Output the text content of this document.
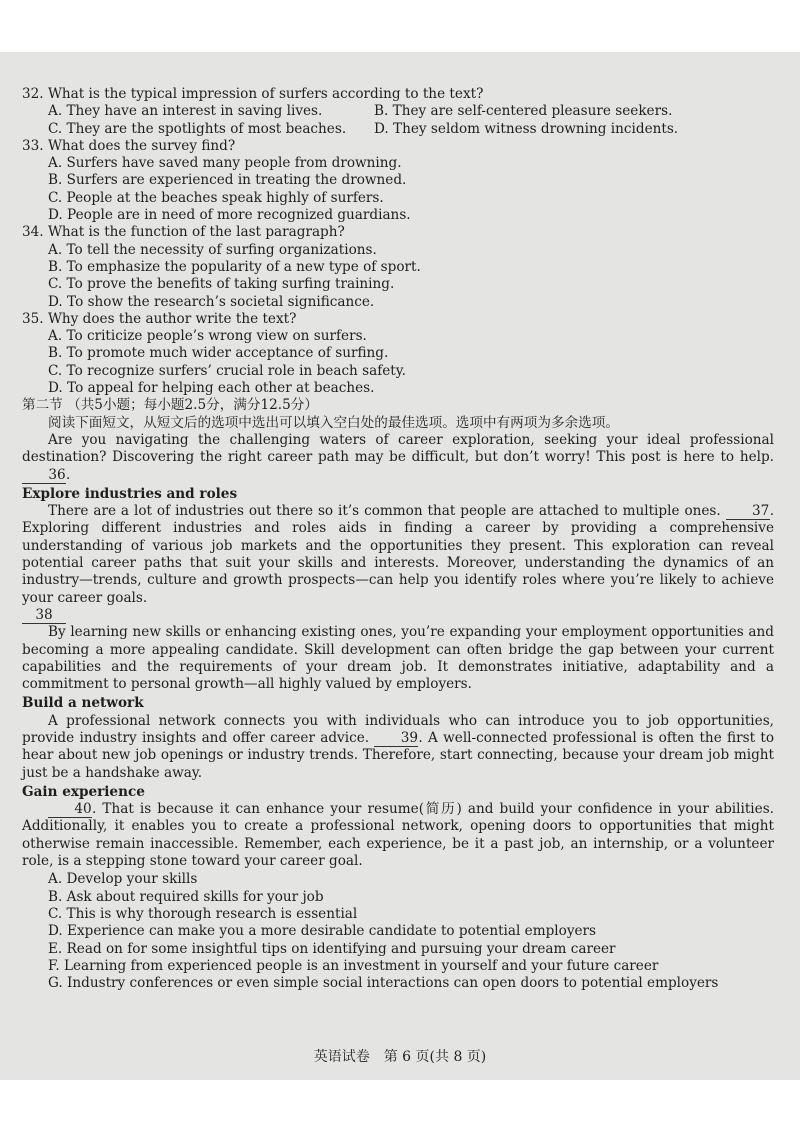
32. What is the typical impression of surfers according to the text?

A. They have an interest in saving lives.	B. They are self-centered pleasure seekers.
C. They are the spotlights of most beaches.	D. They seldom witness drowning incidents.

33. What does the survey find?

A. Surfers have saved many people from drowning.

B. Surfers are experienced in treating the drowned.

C. People at the beaches speak highly of surfers.

D. People are in need of more recognized guardians.

34. What is the function of the last paragraph?

A. To tell the necessity of surfing organizations.

B. To emphasize the popularity of a new type of sport.

C. To prove the benefits of taking surfing training.

D. To show the research’s societal significance.

35. Why does the author write the text?

A. To criticize people’s wrong view on surfers.

B. To promote much wider acceptance of surfing.

C. To recognize surfers’ crucial role in beach safety.

D. To appeal for helping each other at beaches.

第二节 （共5小题；每小题2.5分，满分12.5分）

阅读下面短文，从短文后的选项中选出可以填入空白处的最佳选项。选项中有两项为多余选项。

Are you navigating the challenging waters of career exploration, seeking your ideal professional destination? Discovering the right career path may be difficult, but don’t worry! This post is here to help. 36.

Explore industries and roles

There are a lot of industries out there so it’s common that people are attached to multiple ones. 37. Exploring different industries and roles aids in finding a career by providing a comprehensive understanding of various job markets and the opportunities they present. This exploration can reveal potential career paths that suit your skills and interests. Moreover, understanding the dynamics of an industry—trends, culture and growth prospects—can help you identify roles where you’re likely to achieve your career goals.

38

By learning new skills or enhancing existing ones, you’re expanding your employment opportunities and becoming a more appealing candidate. Skill development can often bridge the gap between your current capabilities and the requirements of your dream job. It demonstrates initiative, adaptability and a commitment to personal growth—all highly valued by employers.

Build a network

A professional network connects you with individuals who can introduce you to job opportunities, provide industry insights and offer career advice. 39. A well-connected professional is often the first to hear about new job openings or industry trends. Therefore, start connecting, because your dream job might just be a handshake away.

Gain experience

40. That is because it can enhance your resume(简历) and build your confidence in your abilities. Additionally, it enables you to create a professional network, opening doors to opportunities that might otherwise remain inaccessible. Remember, each experience, be it a past job, an internship, or a volunteer role, is a stepping stone toward your career goal.

A. Develop your skills

B. Ask about required skills for your job

C. This is why thorough research is essential

D. Experience can make you a more desirable candidate to potential employers

E. Read on for some insightful tips on identifying and pursuing your dream career

F. Learning from experienced people is an investment in yourself and your future career

G. Industry conferences or even simple social interactions can open doors to potential employers

英语试卷　第 6 页(共 8 页)
